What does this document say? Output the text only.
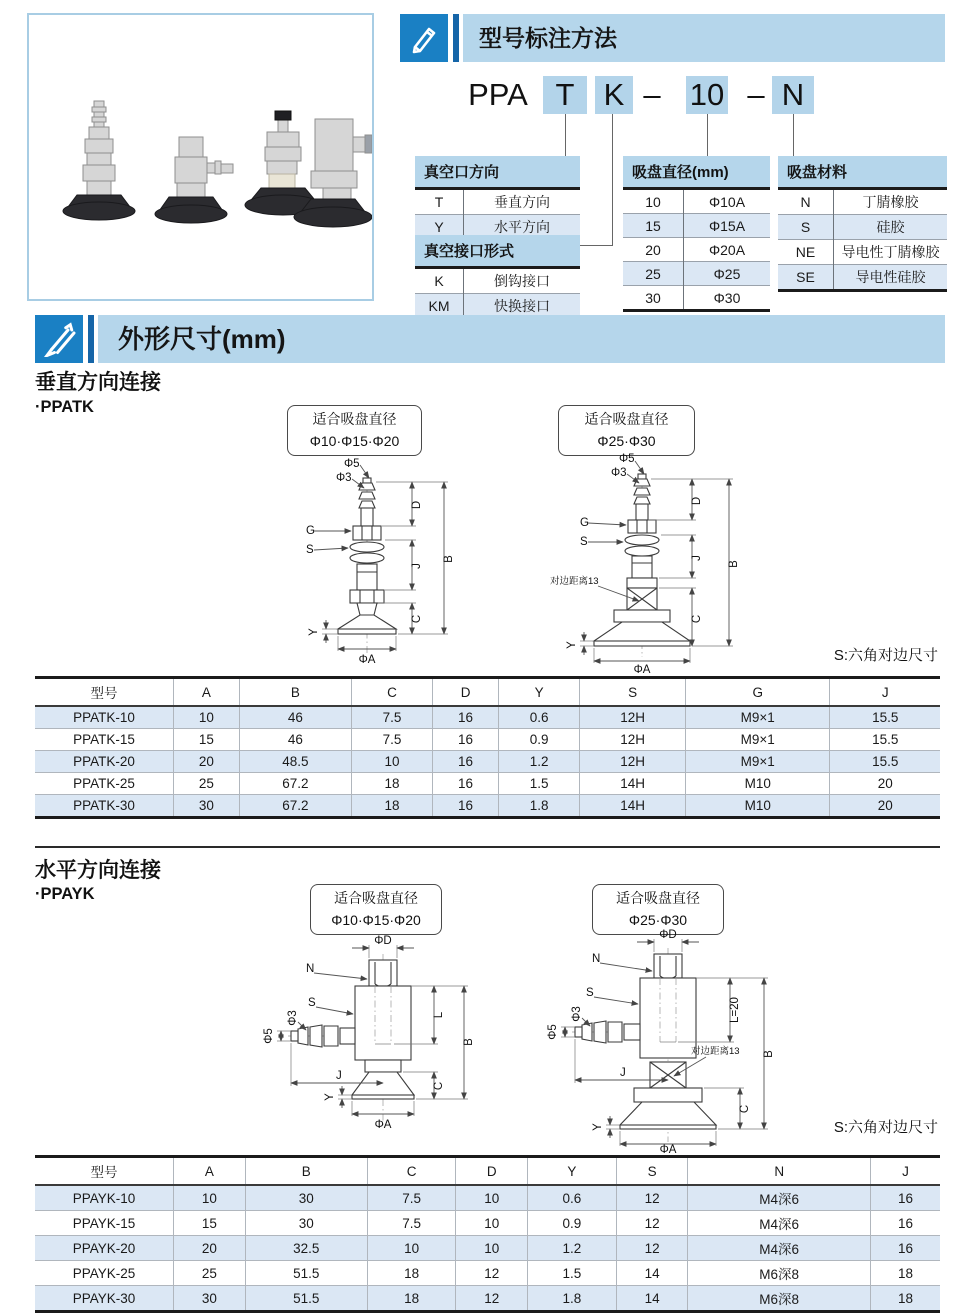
型号标注方法
PPA T K – 10 – N
真空口方向	
T	垂直方向
Y	水平方向
真空接口形式	
K	倒钩接口
KM	快换接口
吸盘直径(mm)	
10	Φ10A
15	Φ15A
20	Φ20A
25	Φ25
30	Φ30
吸盘材料	
N	丁腈橡胶
S	硅胶
NE	导电性丁腈橡胶
SE	导电性硅胶
外形尺寸(mm)
垂直方向连接
·PPATK
适合吸盘直径
Φ10·Φ15·Φ20
适合吸盘直径
Φ25·Φ30
Φ5
Φ3
G
S
D
J
C
B
Y
ΦA
Φ5
Φ3
G
S
对边距离13
D
J
C
B
Y
ΦA
S:六角对边尺寸
型号	A	B	C	D	Y	S	G	J
PPATK-10	10	46	7.5	16	0.6	12H	M9×1	15.5
PPATK-15	15	46	7.5	16	0.9	12H	M9×1	15.5
PPATK-20	20	48.5	10	16	1.2	12H	M9×1	15.5
PPATK-25	25	67.2	18	16	1.5	14H	M10	20
PPATK-30	30	67.2	18	16	1.8	14H	M10	20
水平方向连接
·PPAYK	适合吸盘直径
Φ10·Φ15·Φ20
适合吸盘直径
Φ25·Φ30
ΦD
N
S
Φ3
Φ5
J
L
C
B
Y
ΦA
ΦD
N
S
Φ3
Φ5
J
对边距离13
L=20
C
B
Y
ΦA
S:六角对边尺寸
型号	A	B	C	D	Y	S	N	J
PPAYK-10	10	30	7.5	10	0.6	12	M4深6	16
PPAYK-15	15	30	7.5	10	0.9	12	M4深6	16
PPAYK-20	20	32.5	10	10	1.2	12	M4深6	16
PPAYK-25	25	51.5	18	12	1.5	14	M6深8	18
PPAYK-30	30	51.5	18	12	1.8	14	M6深8	18
